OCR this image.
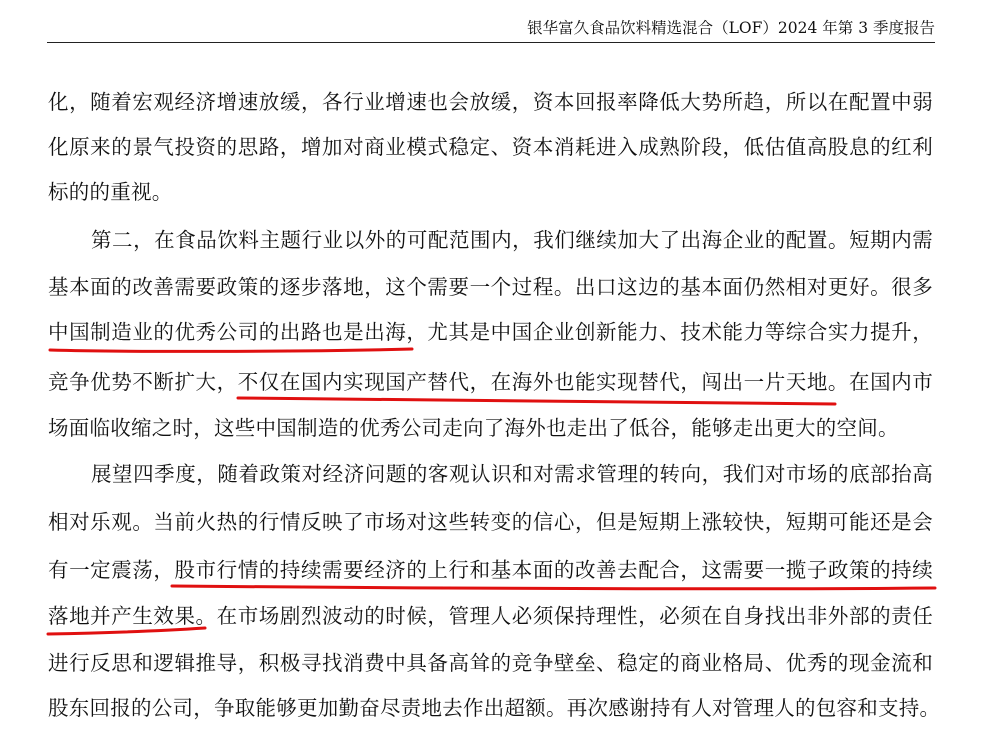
银华富久食品饮料精选混合（LOF）2024 年第 3 季度报告
化，随着宏观经济增速放缓，各行业增速也会放缓，资本回报率降低大势所趋，所以在配置中弱
化原来的景气投资的思路，增加对商业模式稳定、资本消耗进入成熟阶段，低估值高股息的红利
标的的重视。
第二，在食品饮料主题行业以外的可配范围内，我们继续加大了出海企业的配置。短期内需
基本面的改善需要政策的逐步落地，这个需要一个过程。出口这边的基本面仍然相对更好。很多
中国制造业的优秀公司的出路也是出海，尤其是中国企业创新能力、技术能力等综合实力提升，
竞争优势不断扩大，不仅在国内实现国产替代，在海外也能实现替代，闯出一片天地。在国内市
场面临收缩之时，这些中国制造的优秀公司走向了海外也走出了低谷，能够走出更大的空间。
展望四季度，随着政策对经济问题的客观认识和对需求管理的转向，我们对市场的底部抬高
相对乐观。当前火热的行情反映了市场对这些转变的信心，但是短期上涨较快，短期可能还是会
有一定震荡，股市行情的持续需要经济的上行和基本面的改善去配合，这需要一揽子政策的持续
落地并产生效果。在市场剧烈波动的时候，管理人必须保持理性，必须在自身找出非外部的责任
进行反思和逻辑推导，积极寻找消费中具备高耸的竞争壁垒、稳定的商业格局、优秀的现金流和
股东回报的公司，争取能够更加勤奋尽责地去作出超额。再次感谢持有人对管理人的包容和支持。
